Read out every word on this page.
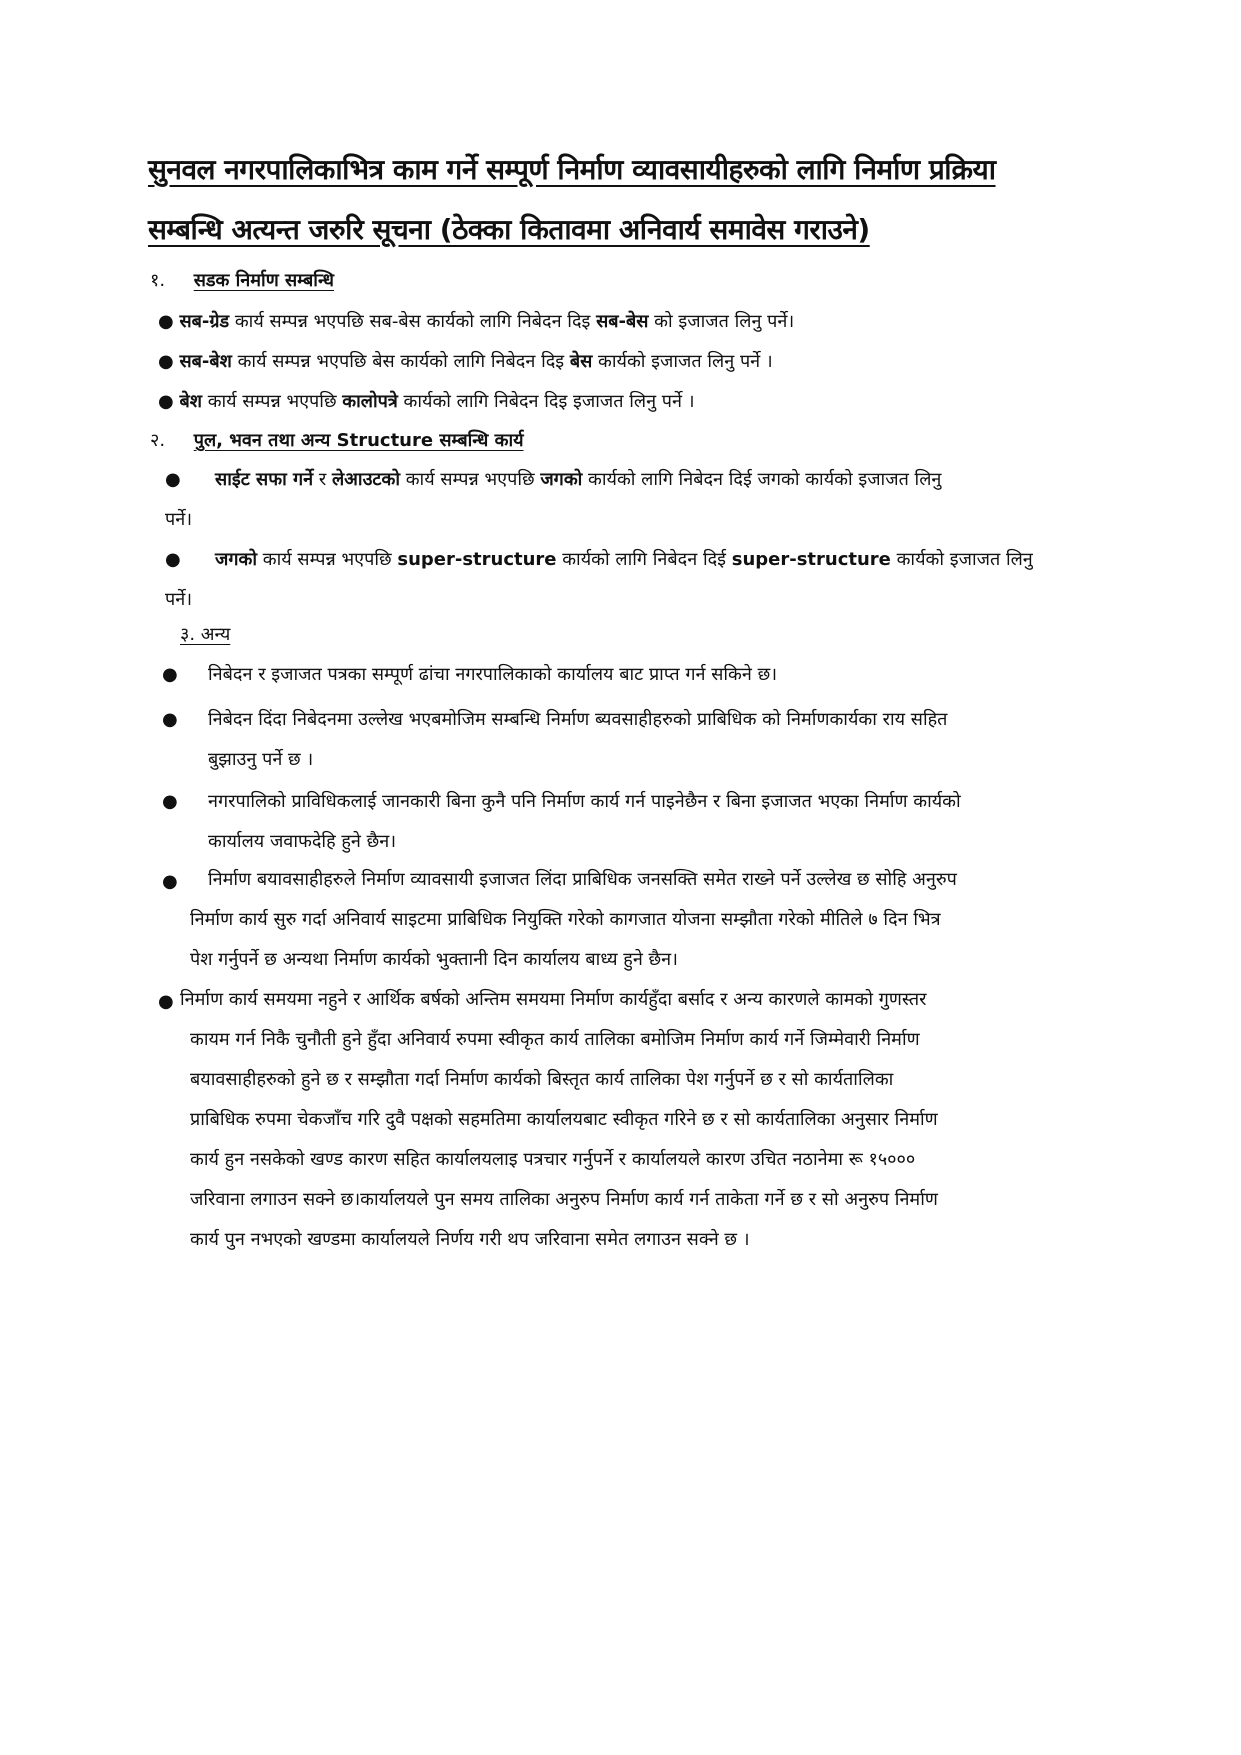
सुनवल नगरपालिकाभित्र काम गर्ने सम्पूर्ण निर्माण व्यावसायीहरुको लागि निर्माण प्रक्रिया
सम्बन्धि अत्यन्त जरुरि सूचना (ठेक्का कितावमा अनिवार्य समावेस गराउने)
१. सडक निर्माण सम्बन्धि
● सब-ग्रेड कार्य सम्पन्न भएपछि सब-बेस कार्यको लागि निबेदन दिइ सब-बेस को इजाजत लिनु पर्ने।
● सब-बेश कार्य सम्पन्न भएपछि बेस कार्यको लागि निबेदन दिइ बेस कार्यको इजाजत लिनु पर्ने ।
● बेश कार्य सम्पन्न भएपछि कालोपत्रे कार्यको लागि निबेदन दिइ इजाजत लिनु पर्ने ।
२. पुल, भवन तथा अन्य Structure सम्बन्धि कार्य
●      साईट सफा गर्ने र लेआउटको कार्य सम्पन्न भएपछि जगको कार्यको लागि निबेदन दिई जगको कार्यको इजाजत लिनु
पर्ने।
●      जगको कार्य सम्पन्न भएपछि super-structure कार्यको लागि निबेदन दिई super-structure कार्यको इजाजत लिनु
पर्ने।
३. अन्य
● निबेदन र इजाजत पत्रका सम्पूर्ण ढांचा नगरपालिकाको कार्यालय बाट प्राप्त गर्न सकिने छ।
● निबेदन दिंदा निबेदनमा उल्लेख भएबमोजिम सम्बन्धि निर्माण ब्यवसाहीहरुको प्राबिधिक को निर्माणकार्यका राय सहित
बुझाउनु पर्ने छ ।
● नगरपालिको प्राविधिकलाई जानकारी बिना कुनै पनि निर्माण कार्य गर्न पाइनेछैन र बिना इजाजत भएका निर्माण कार्यको
कार्यालय जवाफदेहि हुने छैन।
●	निर्माण बयावसाहीहरुले निर्माण व्यावसायी इजाजत लिंदा प्राबिधिक जनसक्ति समेत राख्ने पर्ने उल्लेख छ सोहि अनुरुप
निर्माण कार्य सुरु गर्दा अनिवार्य साइटमा प्राबिधिक नियुक्ति गरेको कागजात योजना सम्झौता गरेको मीतिले ७ दिन भित्र
पेश गर्नुपर्ने छ अन्यथा निर्माण कार्यको भुक्तानी दिन कार्यालय बाध्य हुने छैन।
● निर्माण कार्य समयमा नहुने र आर्थिक बर्षको अन्तिम समयमा निर्माण कार्यहुँदा बर्साद र अन्य कारणले कामको गुणस्तर
कायम गर्न निकै चुनौती हुने हुँदा अनिवार्य रुपमा स्वीकृत कार्य तालिका बमोजिम निर्माण कार्य गर्ने जिम्मेवारी निर्माण
बयावसाहीहरुको हुने छ र सम्झौता गर्दा निर्माण कार्यको बिस्तृत कार्य तालिका पेश गर्नुपर्ने छ र सो कार्यतालिका
प्राबिधिक रुपमा चेकजाँच गरि दुवै पक्षको सहमतिमा कार्यालयबाट स्वीकृत गरिने छ र सो कार्यतालिका अनुसार निर्माण
कार्य हुन नसकेको खण्ड कारण सहित कार्यालयलाइ पत्रचार गर्नुपर्ने र कार्यालयले कारण उचित नठानेमा रू १५०००
जरिवाना लगाउन सक्ने छ।कार्यालयले पुन समय तालिका अनुरुप निर्माण कार्य गर्न ताकेता गर्ने छ र सो अनुरुप निर्माण
कार्य पुन नभएको खण्डमा कार्यालयले निर्णय गरी थप जरिवाना समेत लगाउन सक्ने छ ।
